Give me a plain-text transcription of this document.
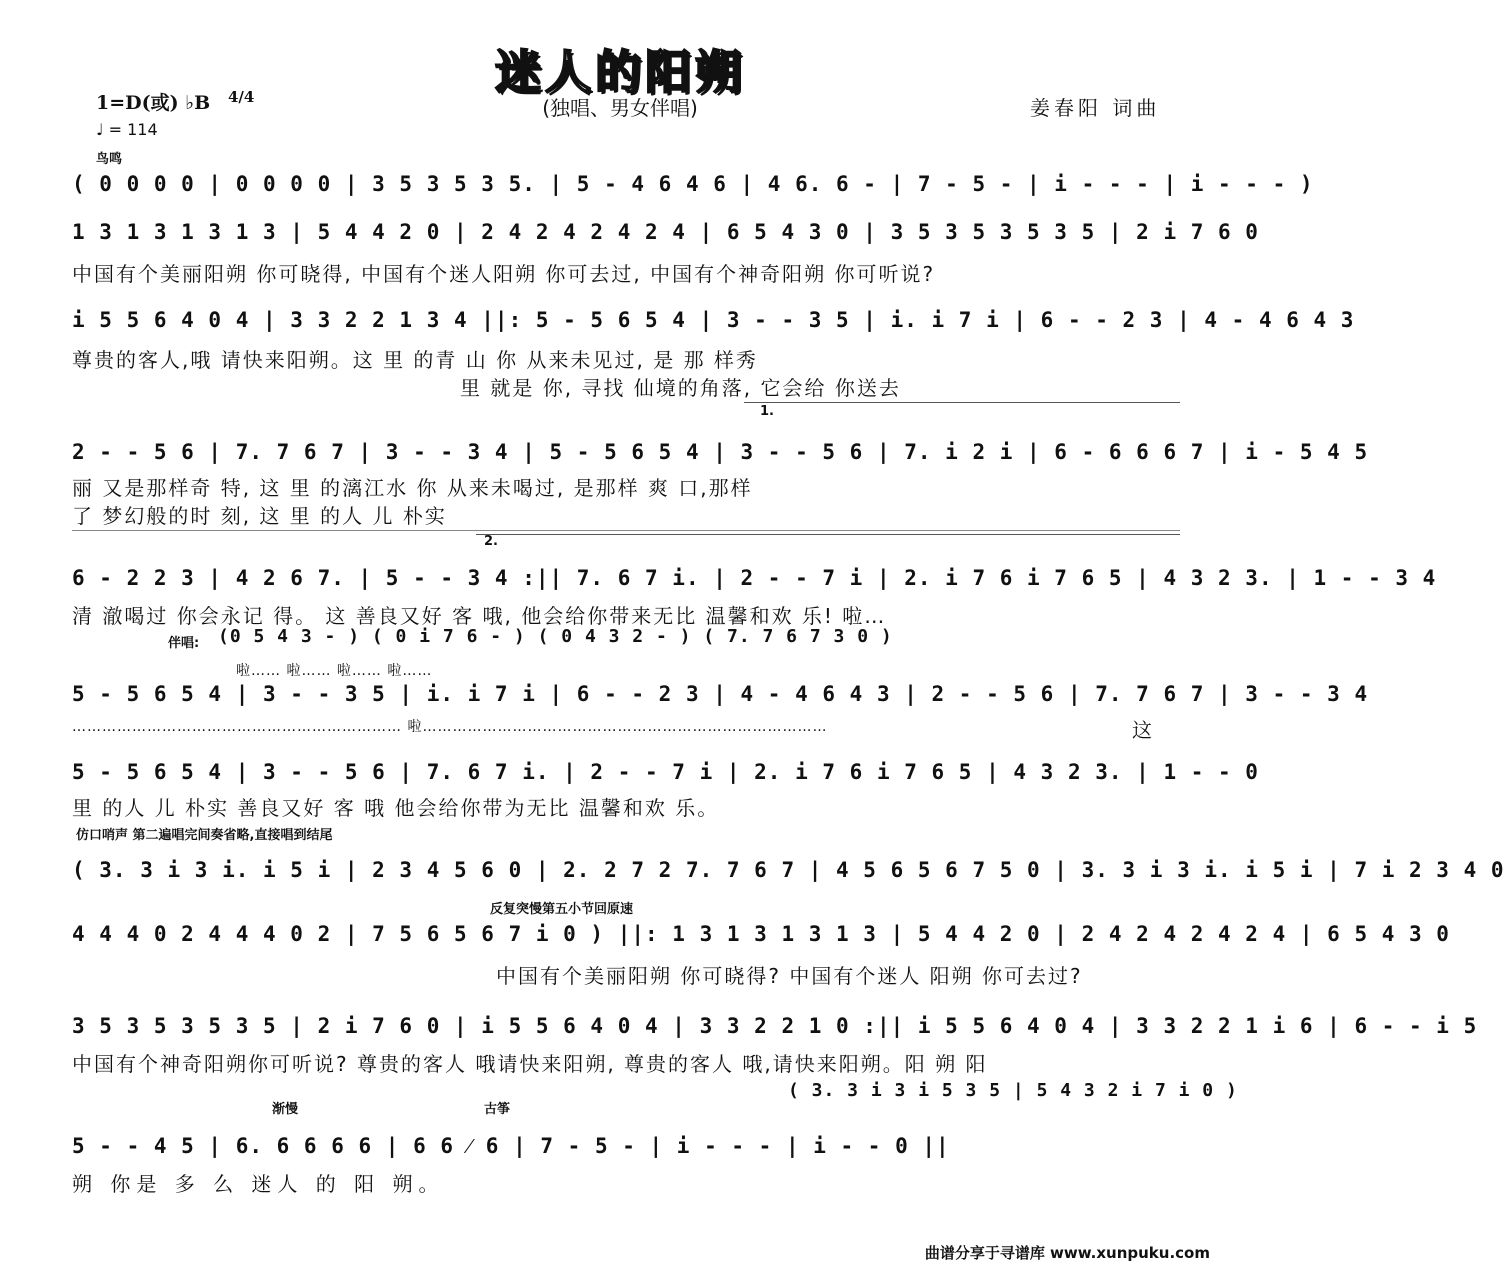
迷人的阳朔
(独唱、男女伴唱)
1=D(或) ♭B 4/4
♩ = 114
姜春阳 词曲
鸟鸣
( 0 0 0 0 | 0 0 0 0 | 3 5 3 5 3 5. | 5 - 4 6 4 6 | 4 6. 6 - | 7 - 5 - | i - - - | i - - - )
1 3 1 3 1 3 1 3 | 5 4 4 2 0 | 2 4 2 4 2 4 2 4 | 6 5 4 3 0 | 3 5 3 5 3 5 3 5 | 2 i 7 6 0
中国有个美丽阳朔 你可晓得, 中国有个迷人阳朔 你可去过, 中国有个神奇阳朔 你可听说?
i 5 5 6 4 0 4 | 3 3 2 2 1 3 4 ||: 5 - 5 6 5 4 | 3 - - 3 5 | i. i 7 i | 6 - - 2 3 | 4 - 4 6 4 3
尊贵的客人,哦 请快来阳朔。这 里 的青 山 你 从来未见过, 是 那 样秀
里 就是 你, 寻找 仙境的角落, 它会给 你送去
1.
2 - - 5 6 | 7. 7 6 7 | 3 - - 3 4 | 5 - 5 6 5 4 | 3 - - 5 6 | 7. i 2 i | 6 - 6 6 6 7 | i - 5 4 5
丽 又是那样奇 特, 这 里 的漓江水 你 从来未喝过, 是那样 爽 口,那样
了 梦幻般的时 刻, 这 里 的人 儿 朴实
2.
6 - 2 2 3 | 4 2 6 7. | 5 - - 3 4 :|| 7. 6 7 i. | 2 - - 7 i | 2. i 7 6 i 7 6 5 | 4 3 2 3. | 1 - - 3 4
清 澈喝过 你会永记 得。 这 善良又好 客 哦, 他会给你带来无比 温馨和欢 乐! 啦…
伴唱: (0 5 4 3 - ) ( 0 i 7 6 - ) ( 0 4 3 2 - ) ( 7. 7 6 7 3 0 )
啦…… 啦…… 啦…… 啦……
5 - 5 6 5 4 | 3 - - 3 5 | i. i 7 i | 6 - - 2 3 | 4 - 4 6 4 3 | 2 - - 5 6 | 7. 7 6 7 | 3 - - 3 4
………………………………………………………… 啦………………………………………………………………………	这
5 - 5 6 5 4 | 3 - - 5 6 | 7. 6 7 i. | 2 - - 7 i | 2. i 7 6 i 7 6 5 | 4 3 2 3. | 1 - - 0
里 的人 儿 朴实 善良又好 客 哦 他会给你带为无比 温馨和欢 乐。
仿口哨声 第二遍唱完间奏省略,直接唱到结尾
( 3. 3 i 3 i. i 5 i | 2 3 4 5 6 0 | 2. 2 7 2 7. 7 6 7 | 4 5 6 5 6 7 5 0 | 3. 3 i 3 i. i 5 i | 7 i 2 3 4 0
反复突慢第五小节回原速
4 4 4 0 2 4 4 4 0 2 | 7 5 6 5 6 7 i 0 ) ||: 1 3 1 3 1 3 1 3 | 5 4 4 2 0 | 2 4 2 4 2 4 2 4 | 6 5 4 3 0
中国有个美丽阳朔 你可晓得? 中国有个迷人 阳朔 你可去过?
3 5 3 5 3 5 3 5 | 2 i 7 6 0 | i 5 5 6 4 0 4 | 3 3 2 2 1 0 :|| i 5 5 6 4 0 4 | 3 3 2 2 1 i 6 | 6 - - i 5
中国有个神奇阳朔你可听说? 尊贵的客人 哦请快来阳朔, 尊贵的客人 哦,请快来阳朔。阳 朔 阳
( 3. 3 i 3 i 5 3 5 | 5 4 3 2 i 7 i 0 )
渐慢	古筝
5 - - 4 5 | 6. 6 6 6 6 | 6 6 ⁄ 6 | 7 - 5 - | i - - - | i - - 0 ||
朔 你是 多 么 迷人 的 阳 朔。
曲谱分享于寻谱库 www.xunpuku.com
